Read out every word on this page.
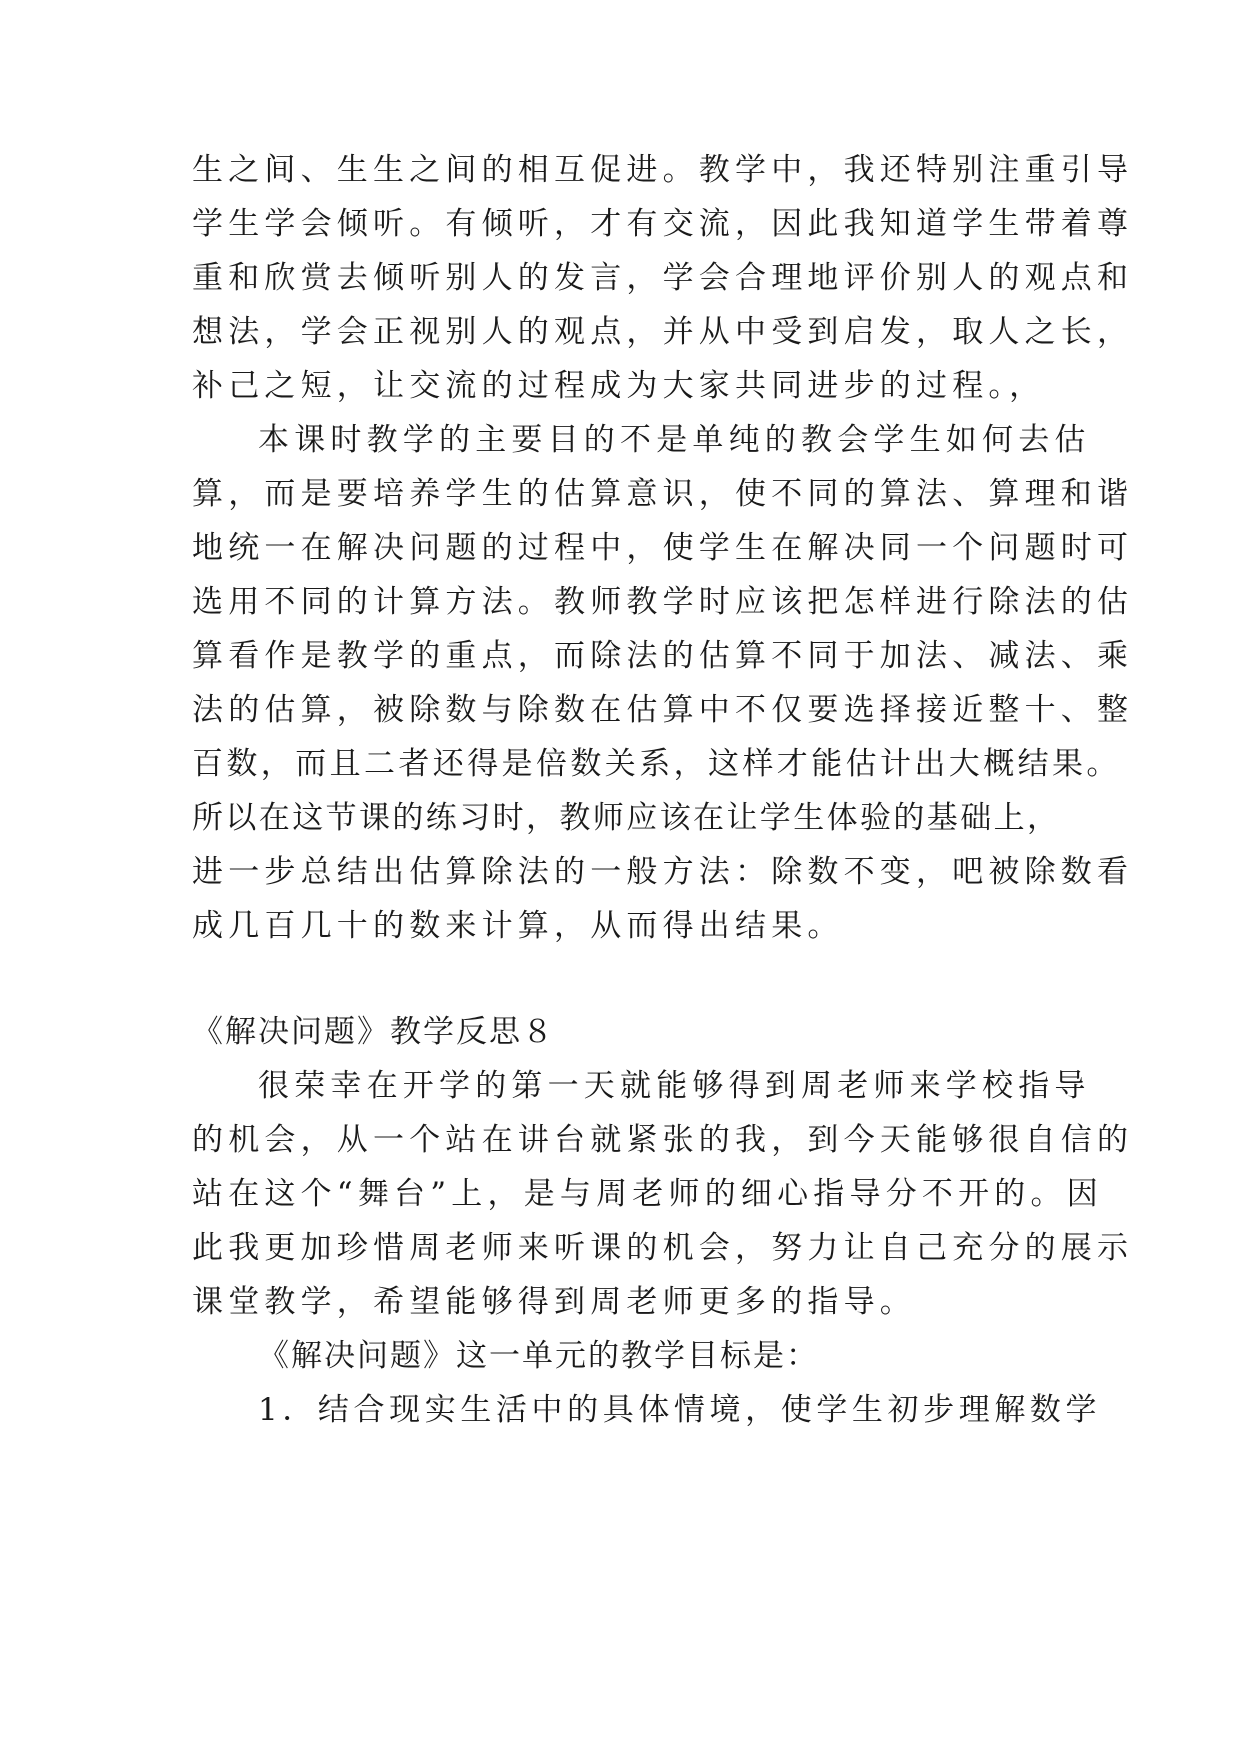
生之间、生生之间的相互促进。教学中，我还特别注重引导
学生学会倾听。有倾听，才有交流，因此我知道学生带着尊
重和欣赏去倾听别人的发言，学会合理地评价别人的观点和
想法，学会正视别人的观点，并从中受到启发，取人之长，
补己之短，让交流的过程成为大家共同进步的过程。，
本课时教学的主要目的不是单纯的教会学生如何去估
算，而是要培养学生的估算意识，使不同的算法、算理和谐
地统一在解决问题的过程中，使学生在解决同一个问题时可
选用不同的计算方法。教师教学时应该把怎样进行除法的估
算看作是教学的重点，而除法的估算不同于加法、减法、乘
法的估算，被除数与除数在估算中不仅要选择接近整十、整
百数，而且二者还得是倍数关系，这样才能估计出大概结果。
所以在这节课的练习时，教师应该在让学生体验的基础上，
进一步总结出估算除法的一般方法：除数不变，吧被除数看
成几百几十的数来计算，从而得出结果。
《解决问题》教学反思８
很荣幸在开学的第一天就能够得到周老师来学校指导
的机会，从一个站在讲台就紧张的我，到今天能够很自信的
站在这个“舞台”上，是与周老师的细心指导分不开的。因
此我更加珍惜周老师来听课的机会，努力让自己充分的展示
课堂教学，希望能够得到周老师更多的指导。
《解决问题》这一单元的教学目标是：
1．结合现实生活中的具体情境，使学生初步理解数学
